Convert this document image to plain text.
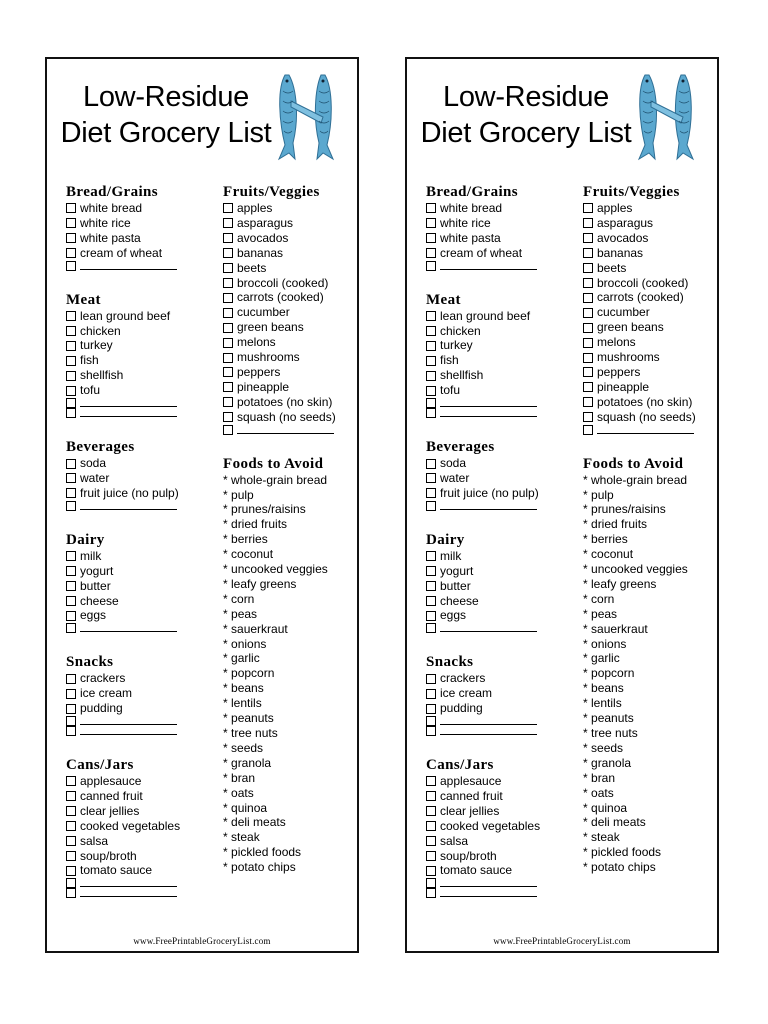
Low-Residue Diet Grocery List
Bread/Grains
white bread
white rice
white pasta
cream of wheat
Meat
lean ground beef
chicken
turkey
fish
shellfish
tofu
Beverages
soda
water
fruit juice (no pulp)
Dairy
milk
yogurt
butter
cheese
eggs
Snacks
crackers
ice cream
pudding
Cans/Jars
applesauce
canned fruit
clear jellies
cooked vegetables
salsa
soup/broth
tomato sauce
Fruits/Veggies
apples
asparagus
avocados
bananas
beets
broccoli (cooked)
carrots (cooked)
cucumber
green beans
melons
mushrooms
peppers
pineapple
potatoes (no skin)
squash (no seeds)
Foods to Avoid
* whole-grain bread
* pulp
* prunes/raisins
* dried fruits
* berries
* coconut
* uncooked veggies
* leafy greens
* corn
* peas
* sauerkraut
* onions
* garlic
* popcorn
* beans
* lentils
* peanuts
* tree nuts
* seeds
* granola
* bran
* oats
* quinoa
* deli meats
* steak
* pickled foods
* potato chips
www.FreePrintableGroceryList.com
Low-Residue Diet Grocery List
Bread/Grains
white bread
white rice
white pasta
cream of wheat
Meat
lean ground beef
chicken
turkey
fish
shellfish
tofu
Beverages
soda
water
fruit juice (no pulp)
Dairy
milk
yogurt
butter
cheese
eggs
Snacks
crackers
ice cream
pudding
Cans/Jars
applesauce
canned fruit
clear jellies
cooked vegetables
salsa
soup/broth
tomato sauce
Fruits/Veggies
apples
asparagus
avocados
bananas
beets
broccoli (cooked)
carrots (cooked)
cucumber
green beans
melons
mushrooms
peppers
pineapple
potatoes (no skin)
squash (no seeds)
Foods to Avoid
* whole-grain bread
* pulp
* prunes/raisins
* dried fruits
* berries
* coconut
* uncooked veggies
* leafy greens
* corn
* peas
* sauerkraut
* onions
* garlic
* popcorn
* beans
* lentils
* peanuts
* tree nuts
* seeds
* granola
* bran
* oats
* quinoa
* deli meats
* steak
* pickled foods
* potato chips
www.FreePrintableGroceryList.com
